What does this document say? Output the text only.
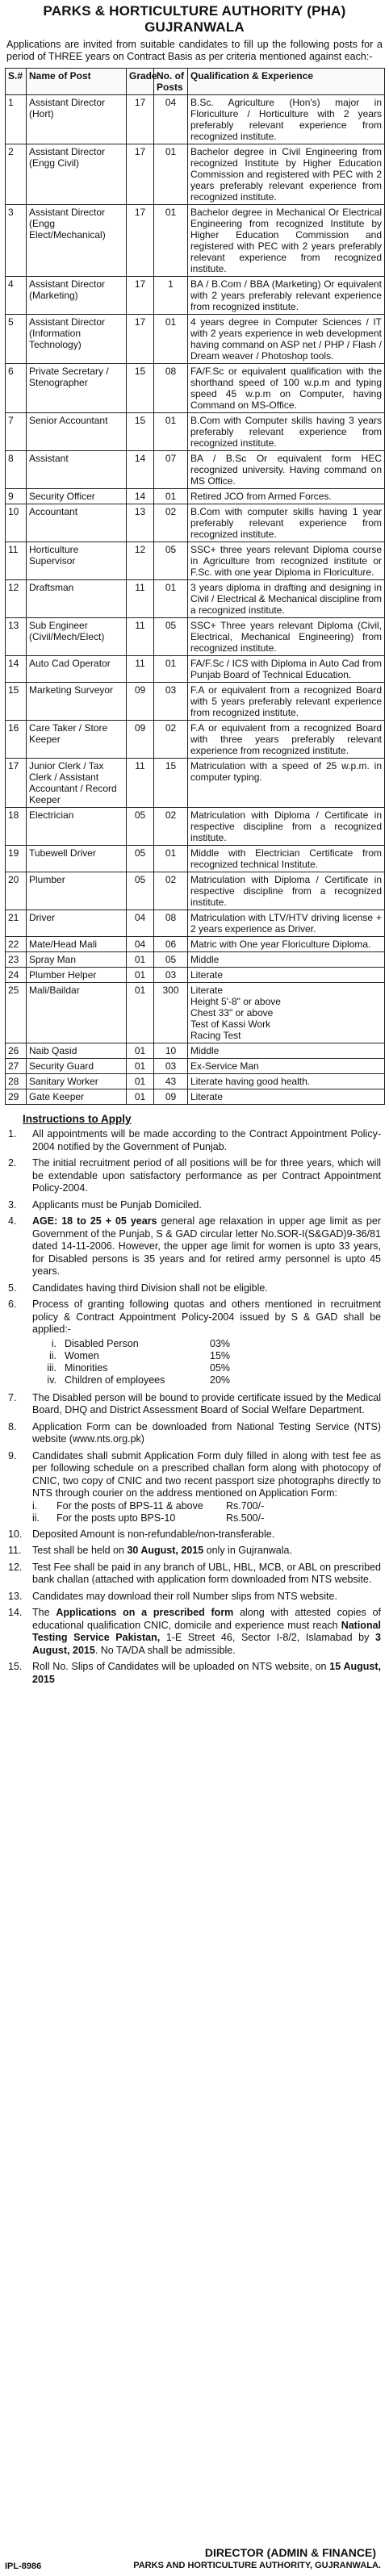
PARKS & HORTICULTURE AUTHORITY (PHA)
GUJRANWALA
Applications are invited from suitable candidates to fill up the following posts for a period of THREE years on Contract Basis as per criteria mentioned against each:-
S.#	Name of Post	Grade	No. of Posts	Qualification & Experience
1	Assistant Director (Hort)	17	04	B.Sc. Agriculture (Hon's) major in Floriculture / Horticulture with 2 years preferably relevant experience from recognized institute.
2	Assistant Director (Engg Civil)	17	01	Bachelor degree in Civil Engineering from recognized Institute by Higher Education Commission and registered with PEC with 2 years preferably relevant experience from recognized institute.
3	Assistant Director (Engg Elect/Mechanical)	17	01	Bachelor degree in Mechanical Or Electrical Engineering from recognized Institute by Higher Education Commission and registered with PEC with 2 years preferably relevant experience from recognized institute.
4	Assistant Director (Marketing)	17	1	BA / B.Com / BBA (Marketing) Or equivalent with 2 years preferably relevant experience from recognized institute.
5	Assistant Director (Information Technology)	17	01	4 years degree in Computer Sciences / IT with 2 years experience in web development having command on ASP net / PHP / Flash / Dream weaver / Photoshop tools.
6	Private Secretary / Stenographer	15	08	FA/F.Sc or equivalent qualification with the shorthand speed of 100 w.p.m and typing speed 45 w.p.m on Computer, having Command on MS-Office.
7	Senior Accountant	15	01	B.Com with Computer skills having 3 years preferably relevant experience from recognized institute.
8	Assistant	14	07	BA / B.Sc Or equivalent form HEC recognized university. Having command on MS Office.
9	Security Officer	14	01	Retired JCO from Armed Forces.
10	Accountant	13	02	B.Com with computer skills having 1 year preferably relevant experience from recognized institute.
11	Horticulture Supervisor	12	05	SSC+ three years relevant Diploma course in Agriculture from recognized institute or F.Sc. with one year Diploma in Floriculture.
12	Draftsman	11	01	3 years diploma in drafting and designing in Civil / Electrical & Mechanical discipline from a recognized institute.
13	Sub Engineer (Civil/Mech/Elect)	11	05	SSC+ Three years relevant Diploma (Civil, Electrical, Mechanical Engineering) from recognized institute.
14	Auto Cad Operator	11	01	FA/F.Sc / ICS with Diploma in Auto Cad from Punjab Board of Technical Education.
15	Marketing Surveyor	09	03	F.A or equivalent from a recognized Board with 5 years preferably relevant experience from recognized institute.
16	Care Taker / Store Keeper	09	02	F.A or equivalent from a recognized Board with three years preferably relevant experience from recognized institute.
17	Junior Clerk / Tax Clerk / Assistant Accountant / Record Keeper	11	15	Matriculation with a speed of 25 w.p.m. in computer typing.
18	Electrician	05	02	Matriculation with Diploma / Certificate in respective discipline from a recognized institute.
19	Tubewell Driver	05	01	Middle with Electrician Certificate from recognized technical Institute.
20	Plumber	05	02	Matriculation with Diploma / Certificate in respective discipline from a recognized institute.
21	Driver	04	08	Matriculation with LTV/HTV driving license + 2 years experience as Driver.
22	Mate/Head Mali	04	06	Matric with One year Floriculture Diploma.
23	Spray Man	01	05	Middle
24	Plumber Helper	01	03	Literate
25	Mali/Baildar	01	300	Literate
Height 5'-8" or above
Chest 33" or above
Test of Kassi Work
Racing Test
26	Naib Qasid	01	10	Middle
27	Security Guard	01	03	Ex-Service Man
28	Sanitary Worker	01	43	Literate having good health.
29	Gate Keeper	01	09	Literate
Instructions to Apply
1.	All appointments will be made according to the Contract Appointment Policy-2004 notified by the Government of Punjab.
2.	The initial recruitment period of all positions will be for three years, which will be extendable upon satisfactory performance as per Contract Appointment Policy-2004.
3.	Applicants must be Punjab Domiciled.
4.	AGE: 18 to 25 + 05 years general age relaxation in upper age limit as per Government of the Punjab, S & GAD circular letter No.SOR-I(S&GAD)9-36/81 dated 14-11-2006. However, the upper age limit for women is upto 33 years, for Disabled persons is 35 years and for retired army personnel is upto 45 years.
5.	Candidates having third Division shall not be eligible.
6.	Process of granting following quotas and others mentioned in recruitment policy & Contract Appointment Policy-2004 issued by S & GAD shall be applied:-
i. Disabled Person	03%
ii. Women	15%
iii. Minorities	05%
iv. Children of employees	20%
7.	The Disabled person will be bound to provide certificate issued by the Medical Board, DHQ and District Assessment Board of Social Welfare Department.
8.	Application Form can be downloaded from National Testing Service (NTS) website (www.nts.org.pk)
9.	Candidates shall submit Application Form duly filled in along with test fee as per following schedule on a prescribed challan form along with photocopy of CNIC, two copy of CNIC and two recent passport size photographs directly to NTS through courier on the address mentioned on Application Form:
i.	For the posts of BPS-11 & above	Rs.700/-
ii.	For the posts upto BPS-10	Rs.500/-
10.	Deposited Amount is non-refundable/non-transferable.
11.	Test shall be held on 30 August, 2015 only in Gujranwala.
12.	Test Fee shall be paid in any branch of UBL, HBL, MCB, or ABL on prescribed bank challan (attached with application form downloaded from NTS website.
13.	Candidates may download their roll Number slips from NTS website.
14.	The Applications on a prescribed form along with attested copies of educational qualification CNIC, domicile and experience must reach National Testing Service Pakistan, 1-E Street 46, Sector I-8/2, Islamabad by 3 August, 2015. No TA/DA shall be admissible.
15.	Roll No. Slips of Candidates will be uploaded on NTS website, on 15 August, 2015
DIRECTOR (ADMIN & FINANCE)
PARKS AND HORTICULTURE AUTHORITY, GUJRANWALA.
IPL-8986
